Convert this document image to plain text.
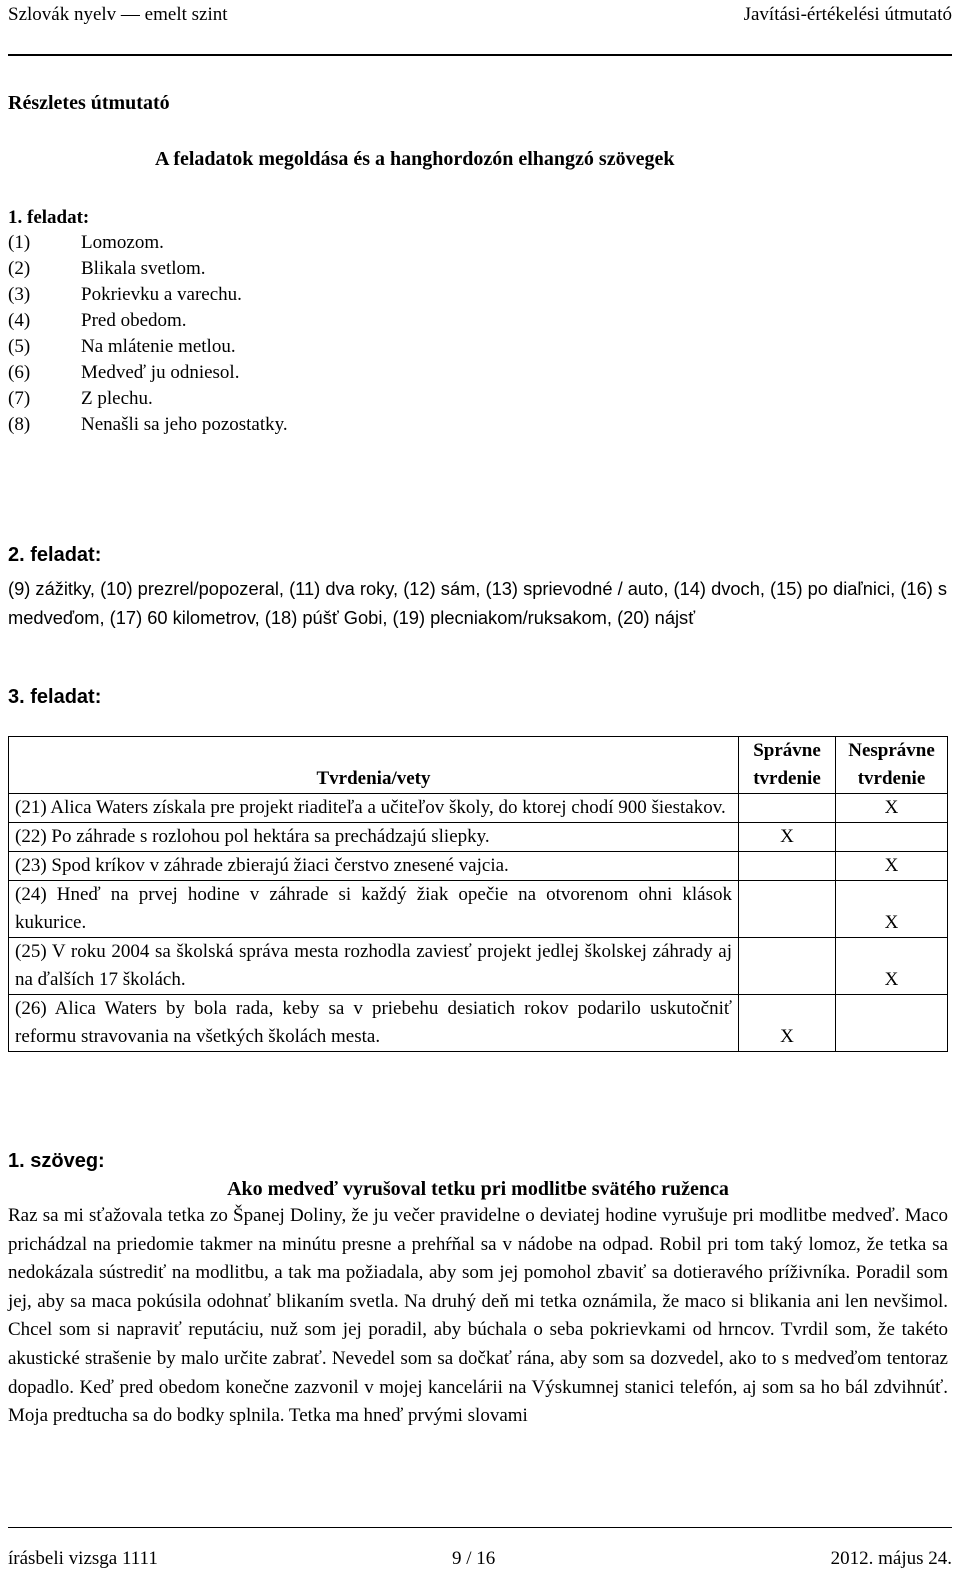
Szlovák nyelv — emelt szint	Javítási-értékelési útmutató
Részletes útmutató
A feladatok megoldása és a hanghordozón elhangzó szövegek
1. feladat:
(1)	Lomozom.
(2)	Blikala svetlom.
(3)	Pokrievku a varechu.
(4)	Pred obedom.
(5)	Na mlátenie metlou.
(6)	Medveď ju odniesol.
(7)	Z plechu.
(8)	Nenašli sa jeho pozostatky.
2. feladat:
(9) zážitky, (10) prezrel/popozeral, (11) dva roky, (12) sám, (13) sprievodné / auto, (14) dvoch, (15) po diaľnici, (16) s medveďom, (17) 60 kilometrov, (18) púšť Gobi, (19) plecniakom/ruksakom, (20) nájsť
3. feladat:
Tvrdenia/vety	Správne tvrdenie	Nesprávne tvrdenie
(21) Alica Waters získala pre projekt riaditeľa a učiteľov školy, do ktorej chodí 900 šiestakov.		X
(22) Po záhrade s rozlohou pol hektára sa prechádzajú sliepky.	X	
(23) Spod kríkov v záhrade zbierajú žiaci čerstvo znesené vajcia.		X
(24) Hneď na prvej hodine v záhrade si každý žiak opečie na otvorenom ohni klások kukurice.		X
(25) V roku 2004 sa školská správa mesta rozhodla zaviesť projekt jedlej školskej záhrady aj na ďalších 17 školách.		X
(26) Alica Waters by bola rada, keby sa v priebehu desiatich rokov podarilo uskutočniť reformu stravovania na všetkých školách mesta.	X	
1. szöveg:
Ako medveď vyrušoval tetku pri modlitbe svätého ruženca
Raz sa mi sťažovala tetka zo Španej Doliny, že ju večer pravidelne o deviatej hodine vyrušuje pri modlitbe medveď. Maco prichádzal na priedomie takmer na minútu presne a prehŕňal sa v nádobe na odpad. Robil pri tom taký lomoz, že tetka sa nedokázala sústrediť na modlitbu, a tak ma požiadala, aby som jej pomohol zbaviť sa dotieravého príživníka. Poradil som jej, aby sa maca pokúsila odohnať blikaním svetla. Na druhý deň mi tetka oznámila, že maco si blikania ani len nevšimol. Chcel som si napraviť reputáciu, nuž som jej poradil, aby búchala o seba pokrievkami od hrncov. Tvrdil som, že takéto akustické strašenie by malo určite zabrať. Nevedel som sa dočkať rána, aby som sa dozvedel, ako to s medveďom tentoraz dopadlo. Keď pred obedom konečne zazvonil v mojej kancelárii na Výskumnej stanici telefón, aj som sa ho bál zdvihnúť. Moja predtucha sa do bodky splnila. Tetka ma hneď prvými slovami
írásbeli vizsga 1111	9 / 16	2012. május 24.
